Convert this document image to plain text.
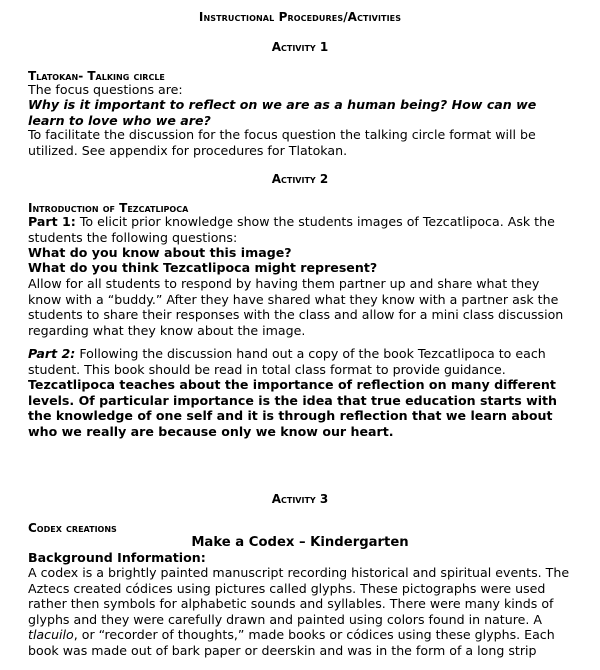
Instructional Procedures/Activities
Activity 1
Tlatokan- Talking circle
The focus questions are:
Why is it important to reflect on we are as a human being? How can we learn to love who we are?
To facilitate the discussion for the focus question the talking circle format will be utilized. See appendix for procedures for Tlatokan.
Activity 2
Introduction of Tezcatlipoca
Part 1: To elicit prior knowledge show the students images of Tezcatlipoca. Ask the students the following questions:
What do you know about this image?
What do you think Tezcatlipoca might represent?
Allow for all students to respond by having them partner up and share what they know with a “buddy.” After they have shared what they know with a partner ask the students to share their responses with the class and allow for a mini class discussion regarding what they know about the image.
Part 2: Following the discussion hand out a copy of the book Tezcatlipoca to each student. This book should be read in total class format to provide guidance. Tezcatlipoca teaches about the importance of reflection on many different levels. Of particular importance is the idea that true education starts with the knowledge of one self and it is through reflection that we learn about who we really are because only we know our heart.
Activity 3
Codex creations
Make a Codex – Kindergarten
Background Information:
A codex is a brightly painted manuscript recording historical and spiritual events. The Aztecs created códices using pictures called glyphs. These pictographs were used rather then symbols for alphabetic sounds and syllables. There were many kinds of glyphs and they were carefully drawn and painted using colors found in nature. A tlacuilo, or “recorder of thoughts,” made books or códices using these glyphs. Each book was made out of bark paper or deerskin and was in the form of a long strip
